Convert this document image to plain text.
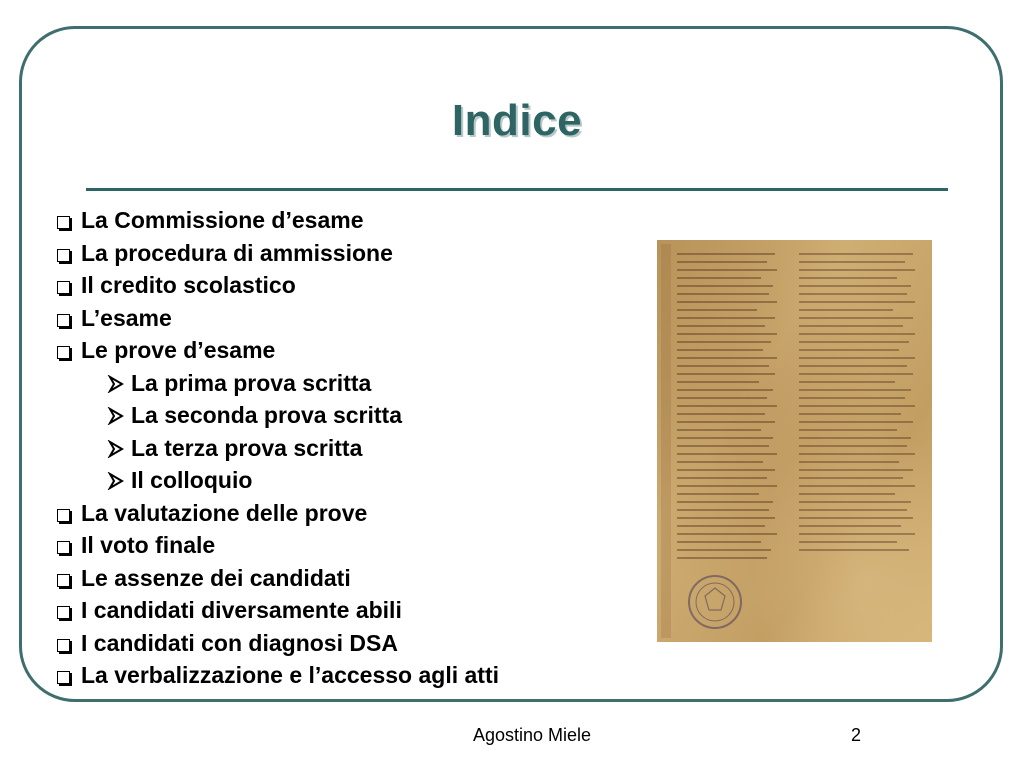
Indice
La Commissione d’esame
La procedura di ammissione
Il credito scolastico
L’esame
Le prove d’esame
La prima prova scritta
La seconda prova scritta
La terza prova scritta
Il colloquio
La valutazione delle prove
Il voto finale
Le assenze dei candidati
I candidati diversamente abili
I candidati con diagnosi DSA
La verbalizzazione e l’accesso agli atti
Agostino Miele	2
